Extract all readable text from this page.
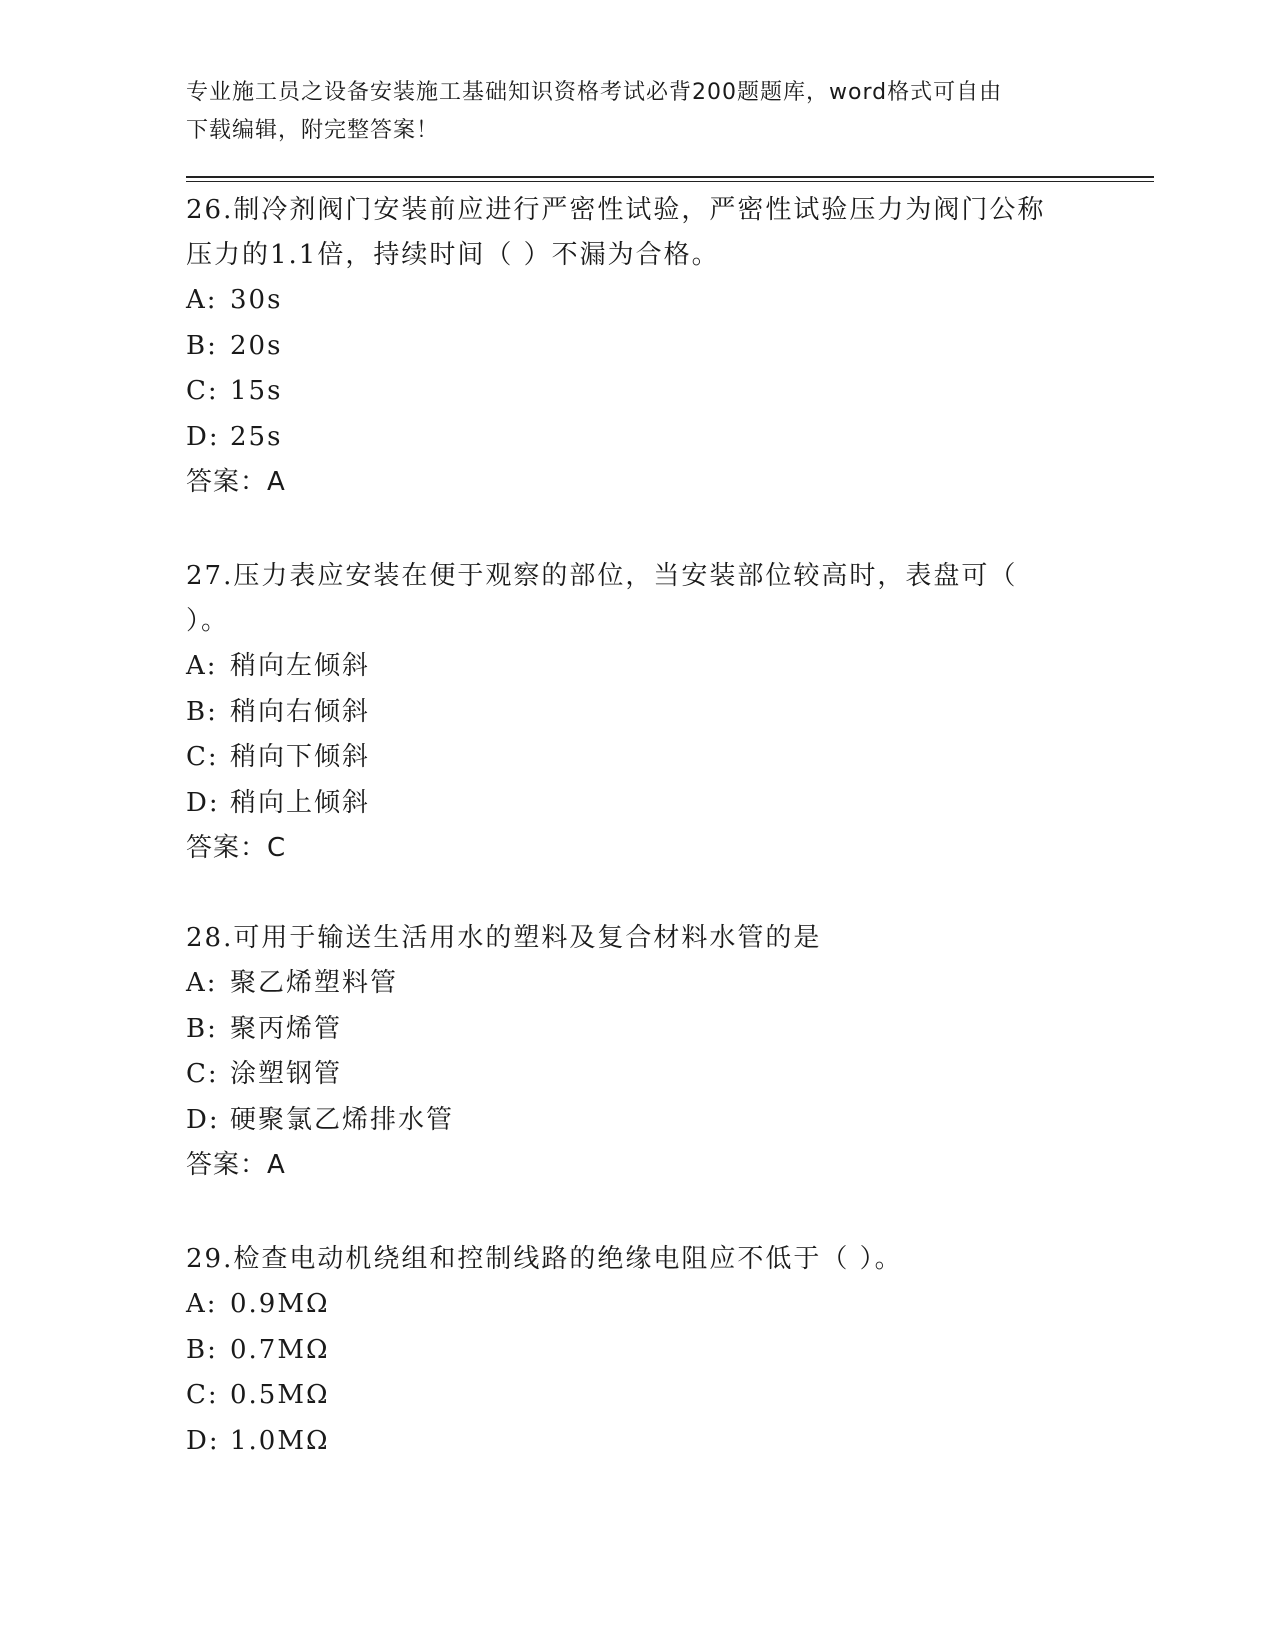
专业施工员之设备安装施工基础知识资格考试必背200题题库，word格式可自由

下载编辑，附完整答案！

26.制冷剂阀门安装前应进行严密性试验，严密性试验压力为阀门公称

压力的1.1倍，持续时间（ ）不漏为合格。

A: 30s

B: 20s

C: 15s

D: 25s

答案：A

27.压力表应安装在便于观察的部位，当安装部位较高时，表盘可（

）。

A: 稍向左倾斜

B: 稍向右倾斜

C: 稍向下倾斜

D: 稍向上倾斜

答案：C

28.可用于输送生活用水的塑料及复合材料水管的是

A: 聚乙烯塑料管

B: 聚丙烯管

C: 涂塑钢管

D: 硬聚氯乙烯排水管

答案：A

29.检查电动机绕组和控制线路的绝缘电阻应不低于（ ）。

A: 0.9MΩ

B: 0.7MΩ

C: 0.5MΩ

D: 1.0MΩ
